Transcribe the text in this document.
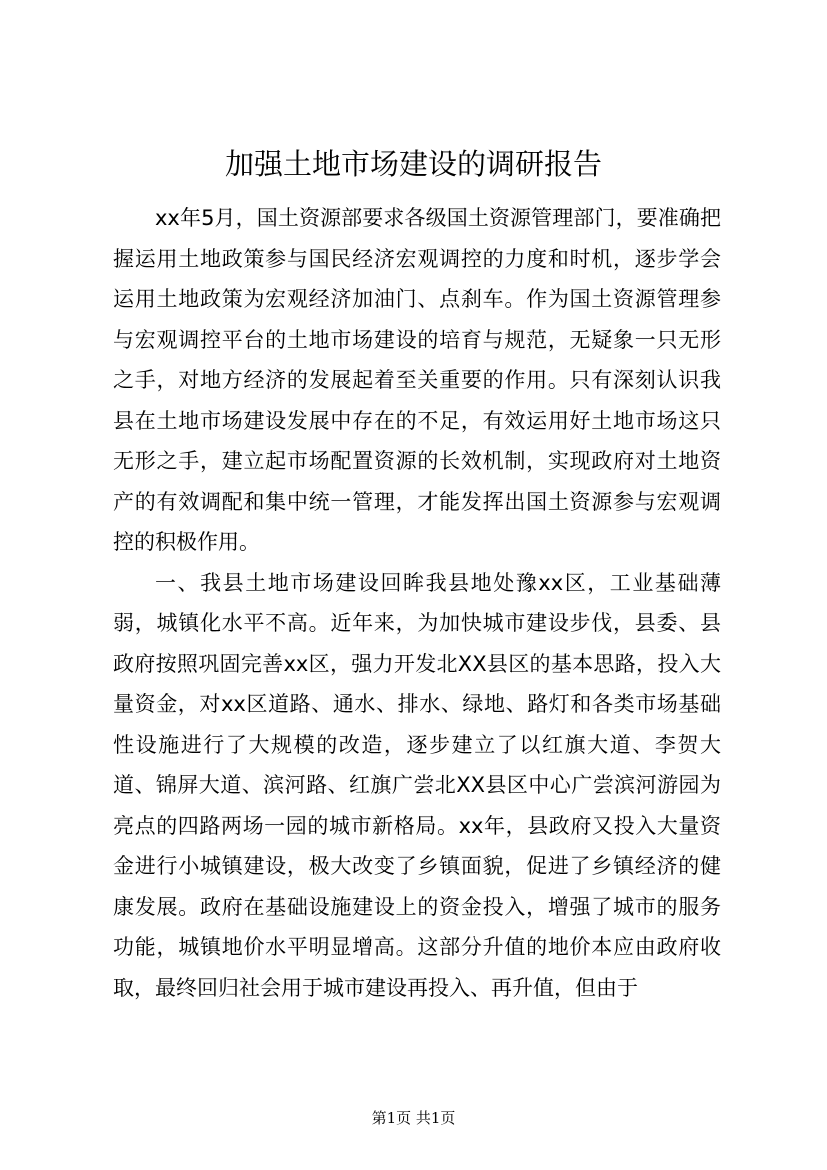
加强土地市场建设的调研报告

xx年5月，国土资源部要求各级国土资源管理部门，要准确把握运用土地政策参与国民经济宏观调控的力度和时机，逐步学会运用土地政策为宏观经济加油门、点刹车。作为国土资源管理参与宏观调控平台的土地市场建设的培育与规范，无疑象一只无形之手，对地方经济的发展起着至关重要的作用。只有深刻认识我县在土地市场建设发展中存在的不足，有效运用好土地市场这只无形之手，建立起市场配置资源的长效机制，实现政府对土地资产的有效调配和集中统一管理，才能发挥出国土资源参与宏观调控的积极作用。

一、我县土地市场建设回眸我县地处豫xx区，工业基础薄弱，城镇化水平不高。近年来，为加快城市建设步伐，县委、县政府按照巩固完善xx区，强力开发北XX县区的基本思路，投入大量资金，对xx区道路、通水、排水、绿地、路灯和各类市场基础性设施进行了大规模的改造，逐步建立了以红旗大道、李贺大道、锦屏大道、滨河路、红旗广尝北XX县区中心广尝滨河游园为亮点的四路两场一园的城市新格局。xx年，县政府又投入大量资金进行小城镇建设，极大改变了乡镇面貌，促进了乡镇经济的健康发展。政府在基础设施建设上的资金投入，增强了城市的服务功能，城镇地价水平明显增高。这部分升值的地价本应由政府收取，最终回归社会用于城市建设再投入、再升值，但由于

第1页 共1页
